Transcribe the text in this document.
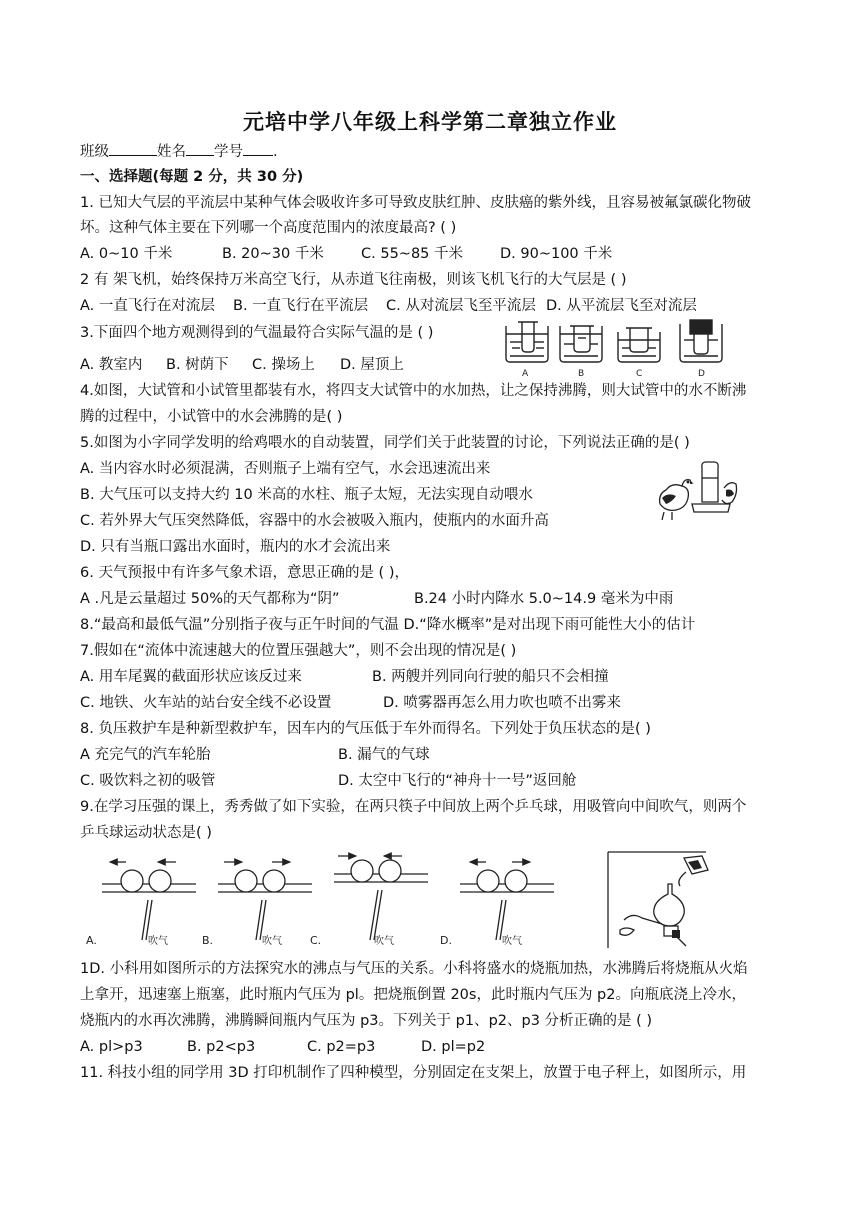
元培中学八年级上科学第二章独立作业
班级	姓名 学号 .
一、选择题(每题 2 分，共 30 分)
1. 已知大气层的平流层中某种气体会吸收许多可导致皮肤红肿、皮肤癌的紫外线，且容易被氟氯碳化物破
坏。这种气体主要在下列哪一个高度范围内的浓度最高? ( )
A. 0~10 千米	B. 20~30 千米	C. 55~85 千米	D. 90~100 千米
2 有 架飞机，始终保持万米高空飞行，从赤道飞往南极，则该飞机飞行的大气层是 ( )
A. 一直飞行在对流层 B. 一直飞行在平流层 C. 从对流层飞至平流层 D. 从平流层飞至对流层
3.下面四个地方观测得到的气温最符合实际气温的是 ( )
A. 教室内 B. 树荫下 C. 操场上 D. 屋顶上
A	B	C	D
4.如图，大试管和小试管里都装有水，将四支大试管中的水加热，让之保持沸腾，则大试管中的水不断沸
腾的过程中，小试管中的水会沸腾的是( )
5.如图为小字同学发明的给鸡喂水的自动装置，同学们关于此装置的讨论，下列说法正确的是( )
A. 当内容水时必须混满，否则瓶子上端有空气，水会迅速流出来
B. 大气压可以支持大约 10 米高的水柱、瓶子太短，无法实现自动喂水
C. 若外界大气压突然降低，容器中的水会被吸入瓶内，使瓶内的水面升高
D. 只有当瓶口露出水面时，瓶内的水才会流出来
6. 天气预报中有许多气象术语，意思正确的是 ( )，
A .凡是云量超过 50%的天气都称为“阴”	B.24 小时内降水 5.0~14.9 毫米为中雨
8.“最高和最低气温”分别指子夜与正午时间的气温 D.“降水概率”是对出现下雨可能性大小的估计
7.假如在“流体中流速越大的位置压强越大”，则不会出现的情况是( )
A. 用车尾翼的截面形状应该反过来	B. 两艘并列同向行驶的船只不会相撞
C. 地铁、火车站的站台安全线不必设置	D. 喷雾器再怎么用力吹也喷不出雾来
8. 负压救护车是种新型救护车，因车内的气压低于车外而得名。下列处于负压状态的是( )
A 充完气的汽车轮胎	B. 漏气的气球
C. 吸饮料之初的吸管	D. 太空中飞行的“神舟十一号”返回舱
9.在学习压强的课上，秀秀做了如下实验，在两只筷子中间放上两个乒乓球，用吸管向中间吹气，则两个
乒乓球运动状态是( )
A.	B.	C.	D.
吹气	吹气	吹气	吹气
1D. 小科用如图所示的方法探究水的沸点与气压的关系。小科将盛水的烧瓶加热，水沸腾后将烧瓶从火焰
上拿开，迅速塞上瓶塞，此时瓶内气压为 pl。把烧瓶倒置 20s，此时瓶内气压为 p2。向瓶底浇上冷水，
烧瓶内的水再次沸腾，沸腾瞬间瓶内气压为 p3。下列关于 p1、p2、p3 分析正确的是 ( )
A. pl>p3	B. p2<p3	C. p2=p3	D. pl=p2
11. 科技小组的同学用 3D 打印机制作了四种模型，分别固定在支架上，放置于电子秤上，如图所示，用
